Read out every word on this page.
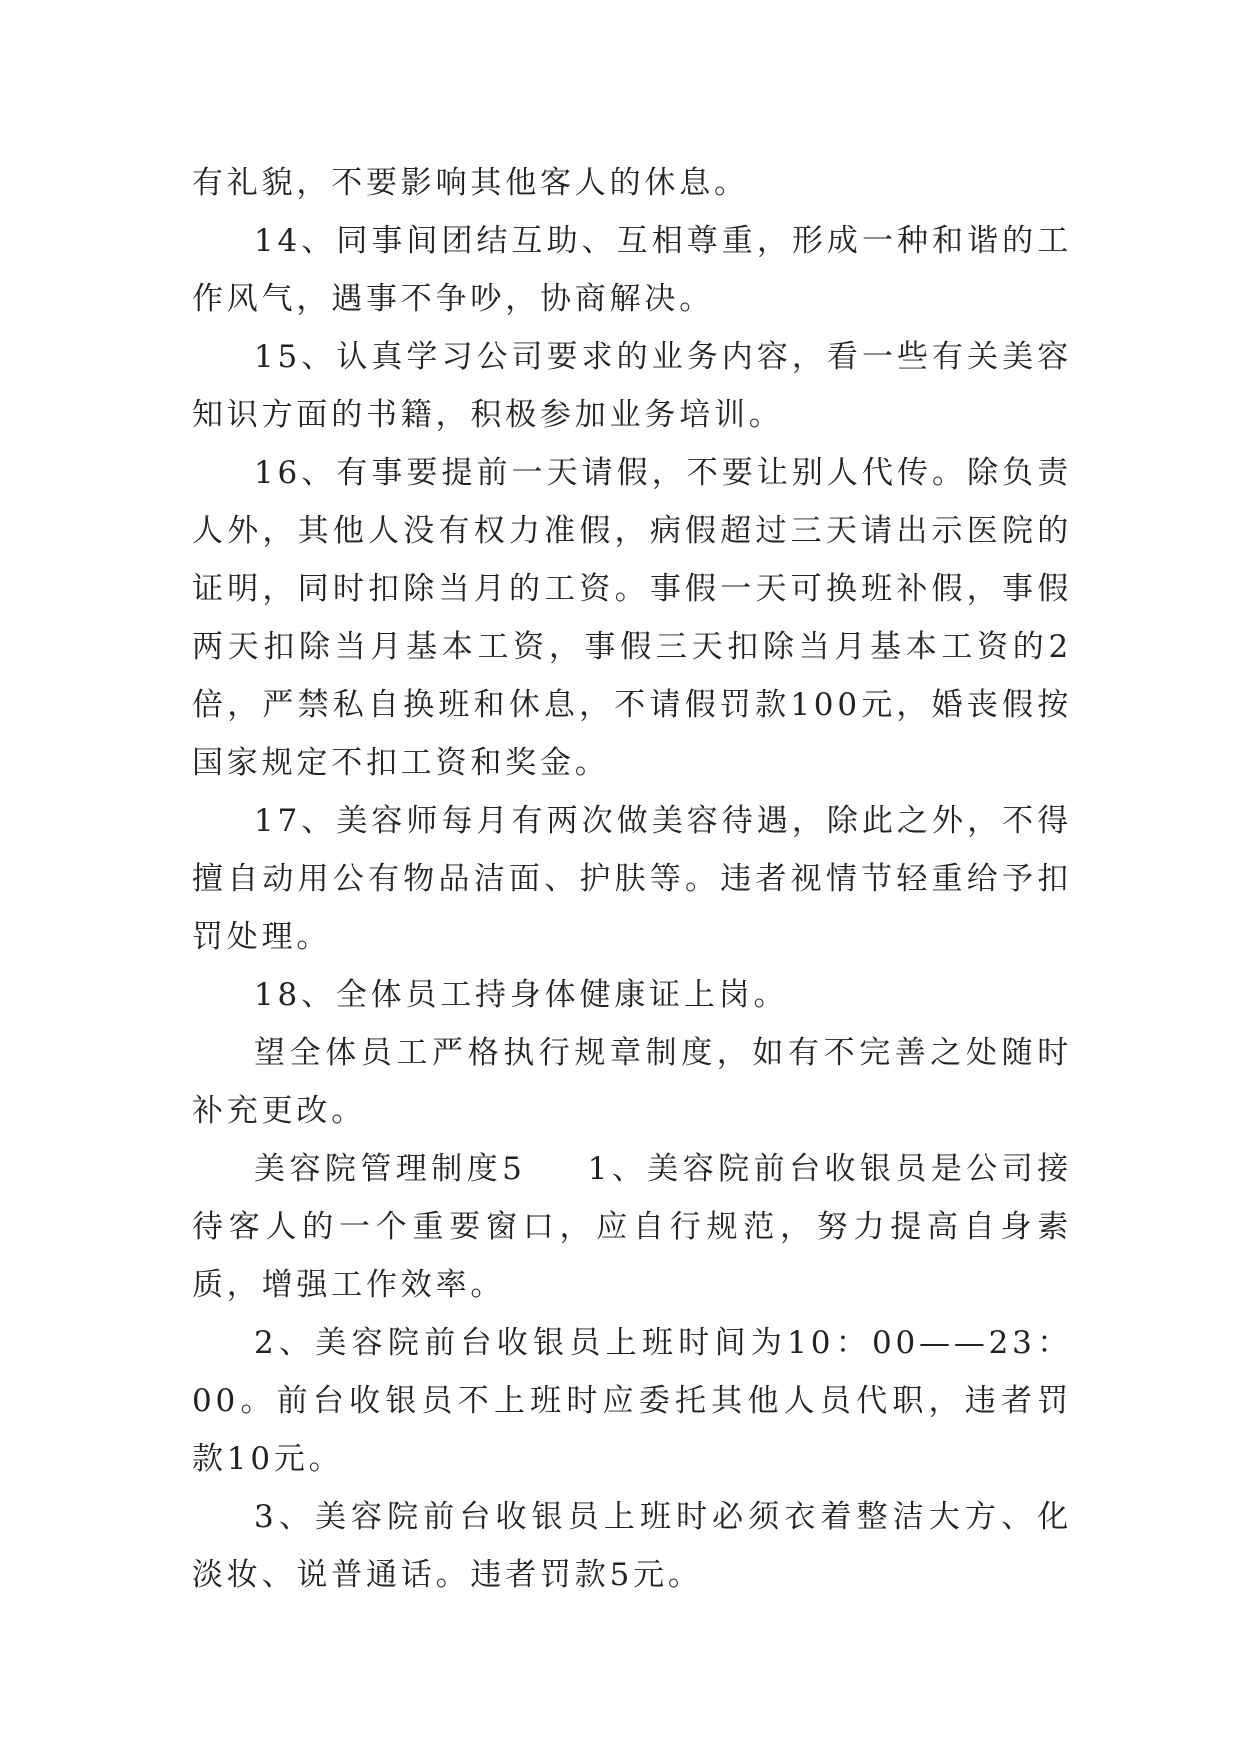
有礼貌，不要影响其他客人的休息。

14、同事间团结互助、互相尊重，形成一种和谐的工作风气，遇事不争吵，协商解决。

15、认真学习公司要求的业务内容，看一些有关美容知识方面的书籍，积极参加业务培训。

16、有事要提前一天请假，不要让别人代传。除负责人外，其他人没有权力准假，病假超过三天请出示医院的证明，同时扣除当月的工资。事假一天可换班补假，事假两天扣除当月基本工资，事假三天扣除当月基本工资的2倍，严禁私自换班和休息，不请假罚款100元，婚丧假按国家规定不扣工资和奖金。

17、美容师每月有两次做美容待遇，除此之外，不得擅自动用公有物品洁面、护肤等。违者视情节轻重给予扣罚处理。

18、全体员工持身体健康证上岗。

望全体员工严格执行规章制度，如有不完善之处随时补充更改。

美容院管理制度5 1、美容院前台收银员是公司接待客人的一个重要窗口，应自行规范，努力提高自身素质，增强工作效率。

2、美容院前台收银员上班时间为10：00——23：00。前台收银员不上班时应委托其他人员代职，违者罚款10元。

3、美容院前台收银员上班时必须衣着整洁大方、化淡妆、说普通话。违者罚款5元。
